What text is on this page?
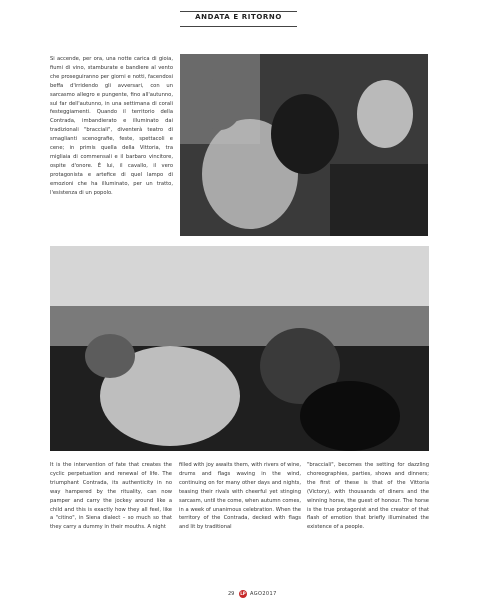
ANDATA E RITORNO
Si accende, per ora, una notte carica di gioia, fiumi di vino, stamburate e bandiere al vento che proseguiranno per giorni e notti, facendosi beffa d'irridendo gli avversari, con un sarcasmo allegro e pungente, fino all'autunno, sul far dell'autunno, in una settimana di corali festeggiamenti. Quando il territorio della Contrada, imbandierato e illuminato dai tradizionali "bracciali", diventerà teatro di smaglianti scenografie, feste, spettacoli e cene; in primis quella della Vittoria, tra migliaia di commensali e il barbaro vincitore, ospite d'onore. È lui, il cavallo, il vero protagonista e artefice di quel lampo di emozioni che ha illuminato, per un tratto, l'esistenza di un popolo.
It is the intervention of fate that creates the cyclic perpetuation and renewal of life. The triumphant Contrada, its authenticity in no way hampered by the rituality, can now pamper and carry the jockey around like a child and this is exactly how they all feel, like a "citino", in Siena dialect – so much so that they carry a dummy in their mouths. A night
filled with joy awaits them, with rivers of wine, drums and flags waving in the wind, continuing on for many other days and nights, teasing their rivals with cheerful yet stinging sarcasm, until the come, when autumn comes, in a week of unanimous celebration. When the territory of the Contrada, decked with flags and lit by traditional
"bracciali", becomes the setting for dazzling choreographies, parties, shows and dinners; the first of these is that of the Vittoria (Victory), with thousands of diners and the winning horse, the guest of honour. The horse is the true protagonist and the creator of that flash of emotion that briefly illuminated the existence of a people.
29	LP AGO2017
